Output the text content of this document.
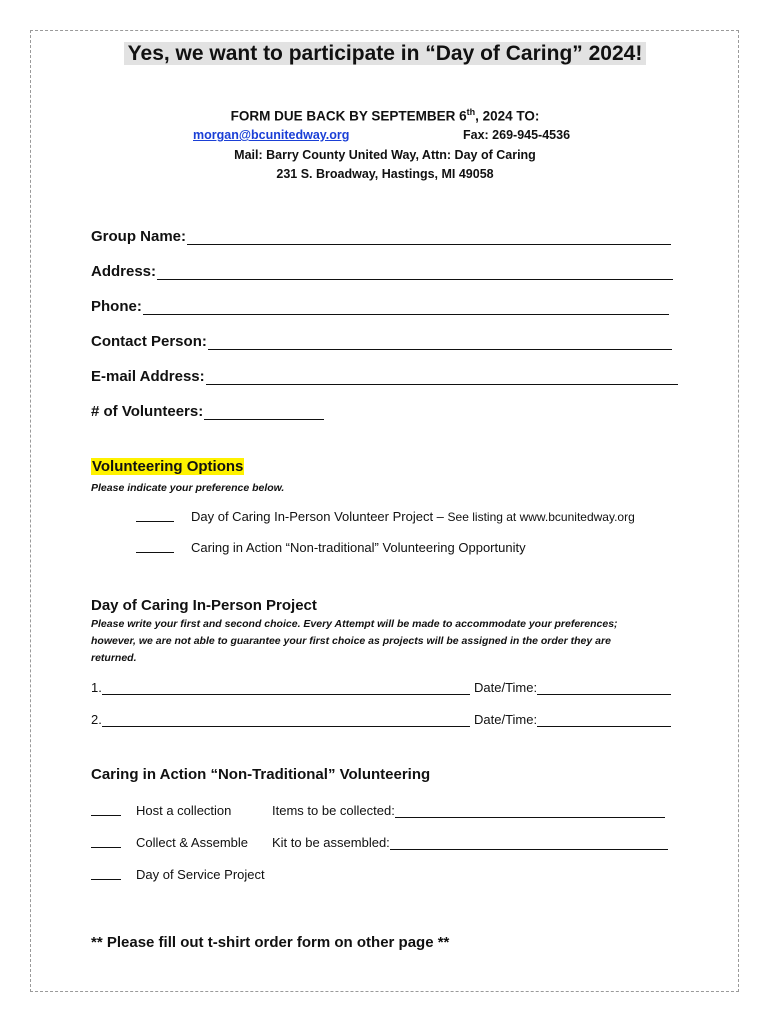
Yes, we want to participate in “Day of Caring” 2024!
FORM DUE BACK BY SEPTEMBER 6th, 2024 TO:
morgan@bcunitedway.org	Fax: 269-945-4536
Mail: Barry County United Way, Attn: Day of Caring
231 S. Broadway, Hastings, MI 49058
Group Name:
Address:
Phone:
Contact Person:
E-mail Address:
# of Volunteers:
Volunteering Options
Please indicate your preference below.
Day of Caring In-Person Volunteer Project – See listing at www.bcunitedway.org
Caring in Action “Non-traditional” Volunteering Opportunity
Day of Caring In-Person Project
Please write your first and second choice. Every Attempt will be made to accommodate your preferences; however, we are not able to guarantee your first choice as projects will be assigned in the order they are returned.
1.	Date/Time:
2.	Date/Time:
Caring in Action “Non-Traditional” Volunteering
Host a collection	Items to be collected:
Collect & Assemble Kit to be assembled:
Day of Service Project
** Please fill out t-shirt order form on other page **
